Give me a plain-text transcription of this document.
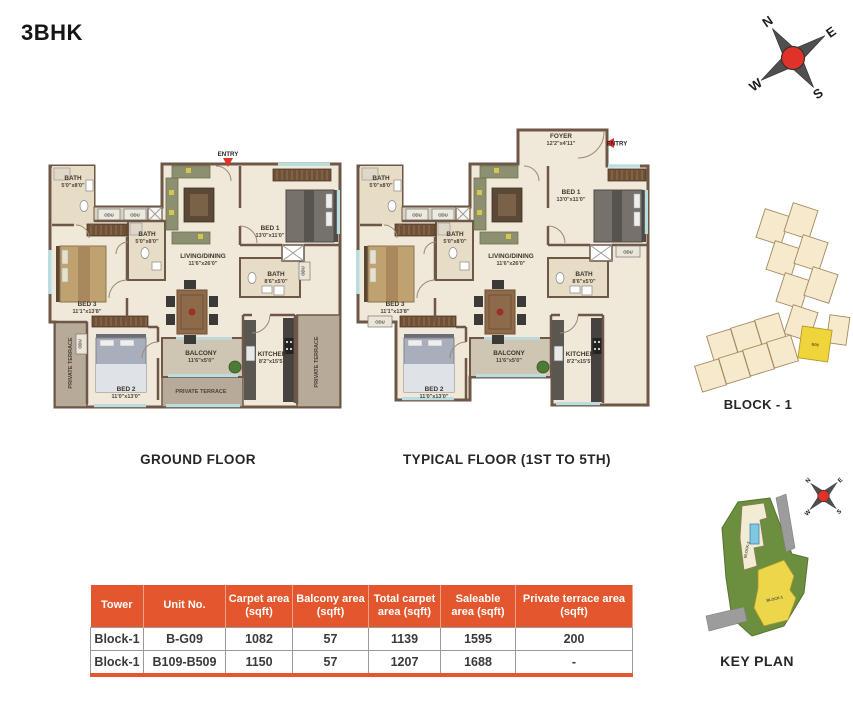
3BHK	N
E
S
W
ODU	ODU
ENTRY
ODU
ODU
BATH
5'0"x8'0"
BATH
5'0"x8'0"
BED 3
11'1"x13'8"
BED 2
11'0"x13'0"
BED 1
13'0"x11'0"
LIVING/DINING
11'6"x26'0"
BATH
8'6"x5'0"
KITCHEN
8'2"x15'5"
BALCONY
11'6"x5'0"
PRIVATE TERRACE
PRIVATE TERRACE
PRIVATE TERRACE
ODU	ODU
ENTRY
FOYER
12'2"x4'11"
ODU
ODU
BATH
5'0"x8'0"
BATH
5'0"x8'0"
BED 3
11'1"x13'8"
BED 2
11'0"x13'0"
BED 1
13'0"x11'0"
LIVING/DINING
11'6"x26'0"
BATH
8'6"x5'0"
KITCHEN
8'2"x15'5"
BALCONY
11'6"x5'0"
GROUND FLOOR	TYPICAL FLOOR (1ST TO 5TH)
B09
BLOCK - 1
N E
S
W
BLOCK-2
BLOCK-1
KEY PLAN
Tower	Unit No.	Carpet area (sqft)	Balcony area (sqft)	Total carpet area (sqft)	Saleable area (sqft)	Private terrace area (sqft)
Block-1	B-G09	1082	57	1139	1595	200
Block-1	B109-B509	1150	57	1207	1688	-
